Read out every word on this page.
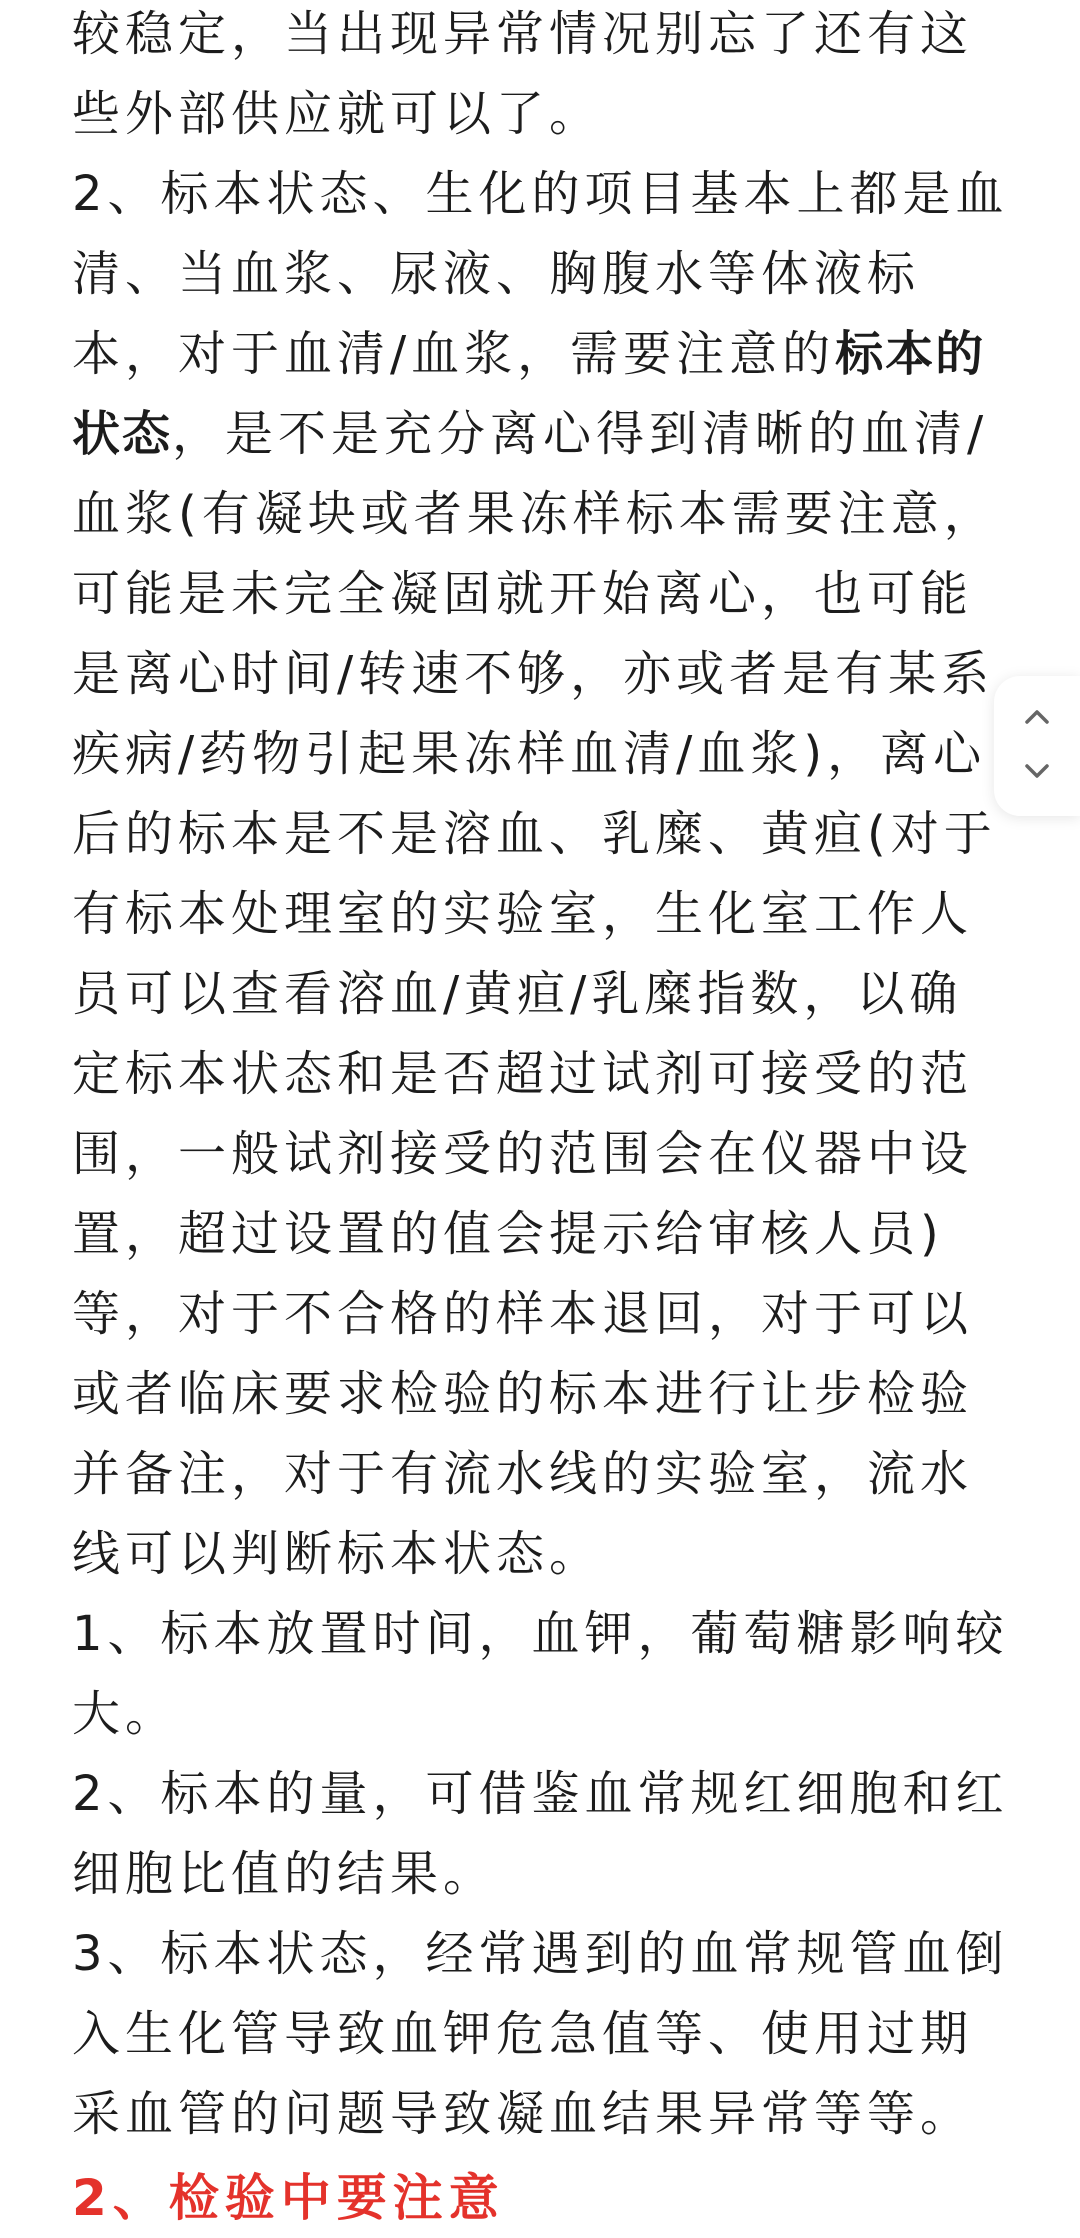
较稳定，当出现异常情况别忘了还有这些外部供应就可以了。

2、标本状态、生化的项目基本上都是血清、当血浆、尿液、胸腹水等体液标本，对于血清/血浆，需要注意的标本的状态，是不是充分离心得到清晰的血清/血浆(有凝块或者果冻样标本需要注意，可能是未完全凝固就开始离心，也可能是离心时间/转速不够，亦或者是有某系疾病/药物引起果冻样血清/血浆)，离心后的标本是不是溶血、乳糜、黄疸(对于有标本处理室的实验室，生化室工作人员可以查看溶血/黄疸/乳糜指数，以确定标本状态和是否超过试剂可接受的范围，一般试剂接受的范围会在仪器中设置，超过设置的值会提示给审核人员)等，对于不合格的样本退回，对于可以或者临床要求检验的标本进行让步检验并备注，对于有流水线的实验室，流水线可以判断标本状态。

1、标本放置时间，血钾，葡萄糖影响较大。

2、标本的量，可借鉴血常规红细胞和红细胞比值的结果。

3、标本状态，经常遇到的血常规管血倒入生化管导致血钾危急值等、使用过期采血管的问题导致凝血结果异常等等。

2、检验中要注意
